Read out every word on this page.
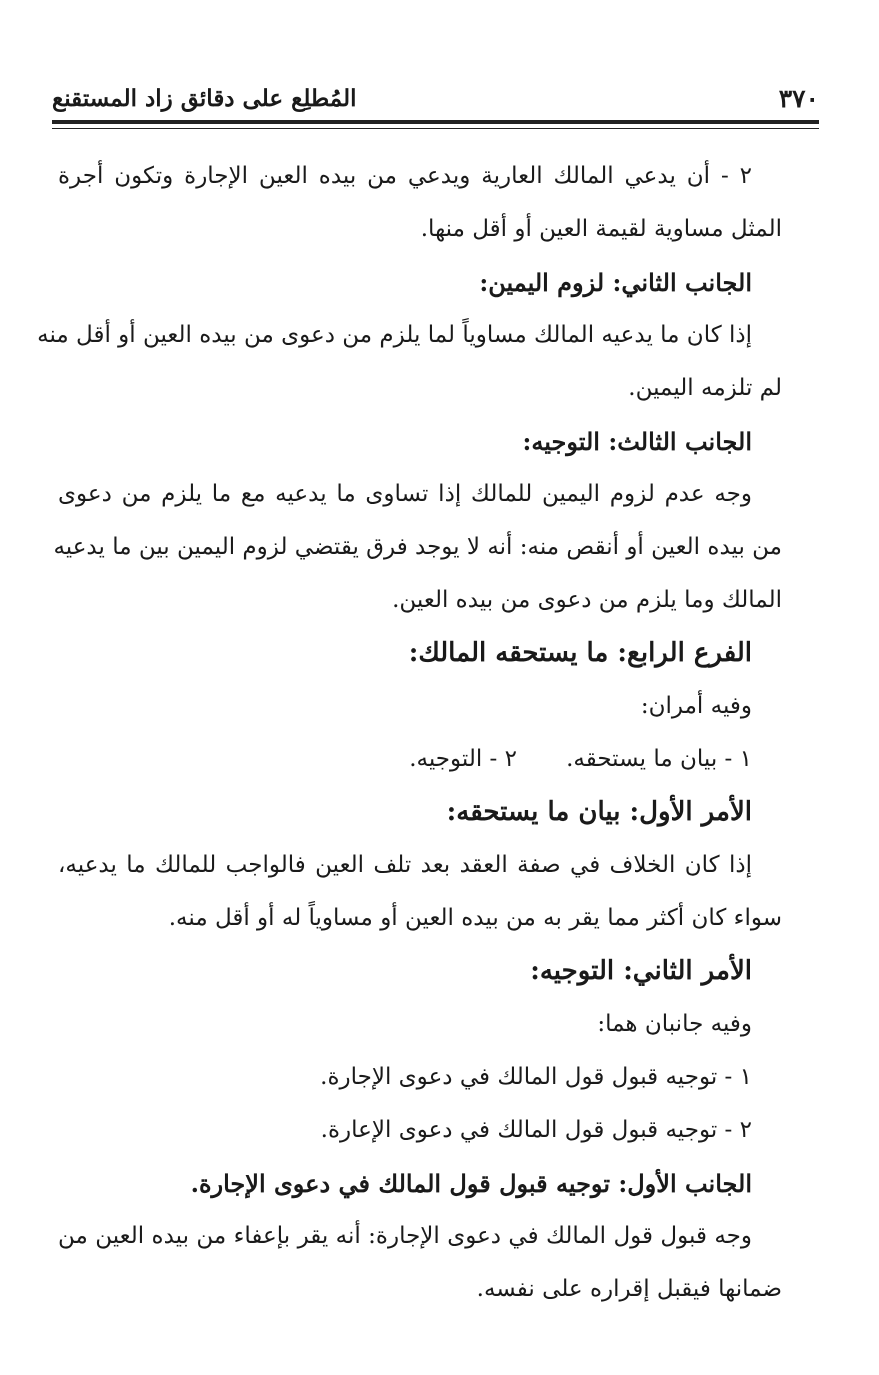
٣٧٠
المُطلِع على دقائق زاد المستقنع
٢ - أن يدعي المالك العارية ويدعي من بيده العين الإجارة وتكون أجرة
المثل مساوية لقيمة العين أو أقل منها.
الجانب الثاني: لزوم اليمين:
إذا كان ما يدعيه المالك مساوياً لما يلزم من دعوى من بيده العين أو أقل منه
لم تلزمه اليمين.
الجانب الثالث: التوجيه:
وجه عدم لزوم اليمين للمالك إذا تساوى ما يدعيه مع ما يلزم من دعوى
من بيده العين أو أنقص منه: أنه لا يوجد فرق يقتضي لزوم اليمين بين ما يدعيه
المالك وما يلزم من دعوى من بيده العين.
الفرع الرابع: ما يستحقه المالك:
وفيه أمران:
١ - بيان ما يستحقه.
٢ - التوجيه.
الأمر الأول: بيان ما يستحقه:
إذا كان الخلاف في صفة العقد بعد تلف العين فالواجب للمالك ما يدعيه،
سواء كان أكثر مما يقر به من بيده العين أو مساوياً له أو أقل منه.
الأمر الثاني: التوجيه:
وفيه جانبان هما:
١ - توجيه قبول قول المالك في دعوى الإجارة.
٢ - توجيه قبول قول المالك في دعوى الإعارة.
الجانب الأول: توجيه قبول قول المالك في دعوى الإجارة.
وجه قبول قول المالك في دعوى الإجارة: أنه يقر بإعفاء من بيده العين من
ضمانها فيقبل إقراره على نفسه.
